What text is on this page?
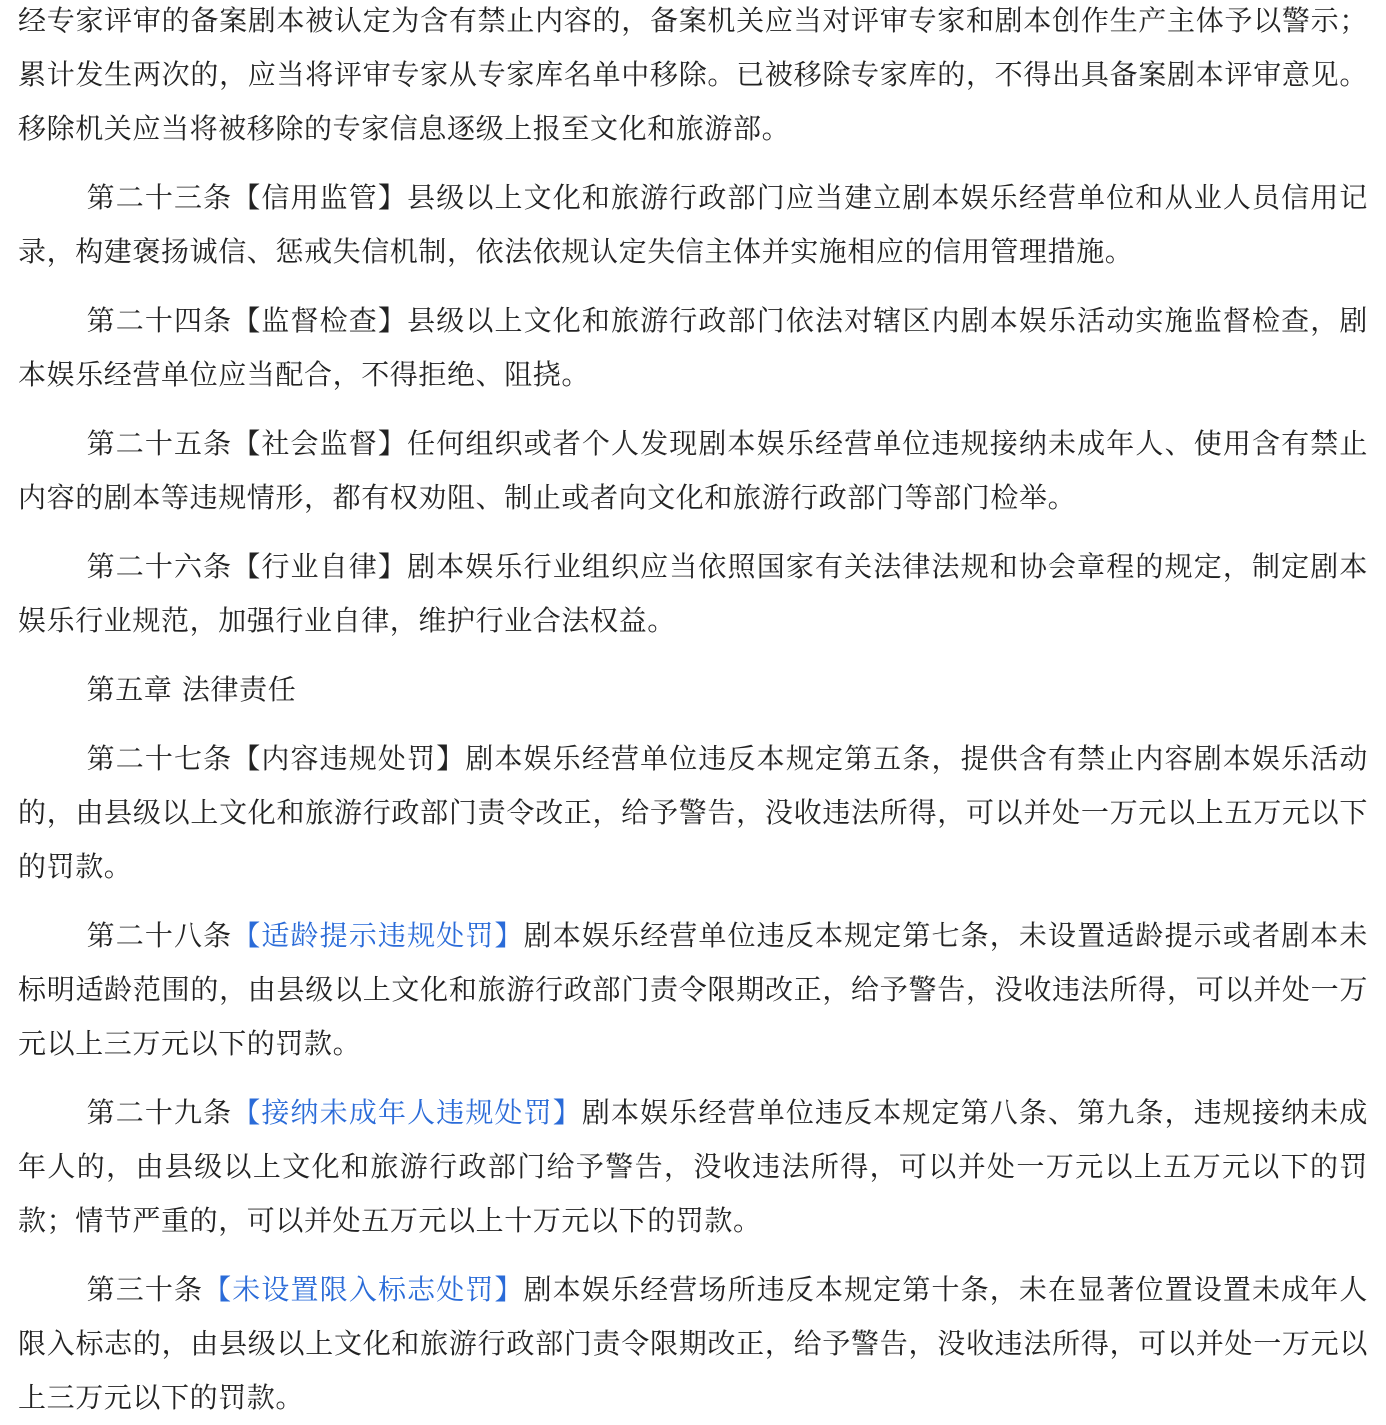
经专家评审的备案剧本被认定为含有禁止内容的，备案机关应当对评审专家和剧本创作生产主体予以警示；累计发生两次的，应当将评审专家从专家库名单中移除。已被移除专家库的，不得出具备案剧本评审意见。移除机关应当将被移除的专家信息逐级上报至文化和旅游部。

第二十三条【信用监管】县级以上文化和旅游行政部门应当建立剧本娱乐经营单位和从业人员信用记录，构建褒扬诚信、惩戒失信机制，依法依规认定失信主体并实施相应的信用管理措施。

第二十四条【监督检查】县级以上文化和旅游行政部门依法对辖区内剧本娱乐活动实施监督检查，剧本娱乐经营单位应当配合，不得拒绝、阻挠。

第二十五条【社会监督】任何组织或者个人发现剧本娱乐经营单位违规接纳未成年人、使用含有禁止内容的剧本等违规情形，都有权劝阻、制止或者向文化和旅游行政部门等部门检举。

第二十六条【行业自律】剧本娱乐行业组织应当依照国家有关法律法规和协会章程的规定，制定剧本娱乐行业规范，加强行业自律，维护行业合法权益。

第五章 法律责任

第二十七条【内容违规处罚】剧本娱乐经营单位违反本规定第五条，提供含有禁止内容剧本娱乐活动的，由县级以上文化和旅游行政部门责令改正，给予警告，没收违法所得，可以并处一万元以上五万元以下的罚款。

第二十八条【适龄提示违规处罚】剧本娱乐经营单位违反本规定第七条，未设置适龄提示或者剧本未标明适龄范围的，由县级以上文化和旅游行政部门责令限期改正，给予警告，没收违法所得，可以并处一万元以上三万元以下的罚款。

第二十九条【接纳未成年人违规处罚】剧本娱乐经营单位违反本规定第八条、第九条，违规接纳未成年人的，由县级以上文化和旅游行政部门给予警告，没收违法所得，可以并处一万元以上五万元以下的罚款；情节严重的，可以并处五万元以上十万元以下的罚款。

第三十条【未设置限入标志处罚】剧本娱乐经营场所违反本规定第十条，未在显著位置设置未成年人限入标志的，由县级以上文化和旅游行政部门责令限期改正，给予警告，没收违法所得，可以并处一万元以上三万元以下的罚款。
